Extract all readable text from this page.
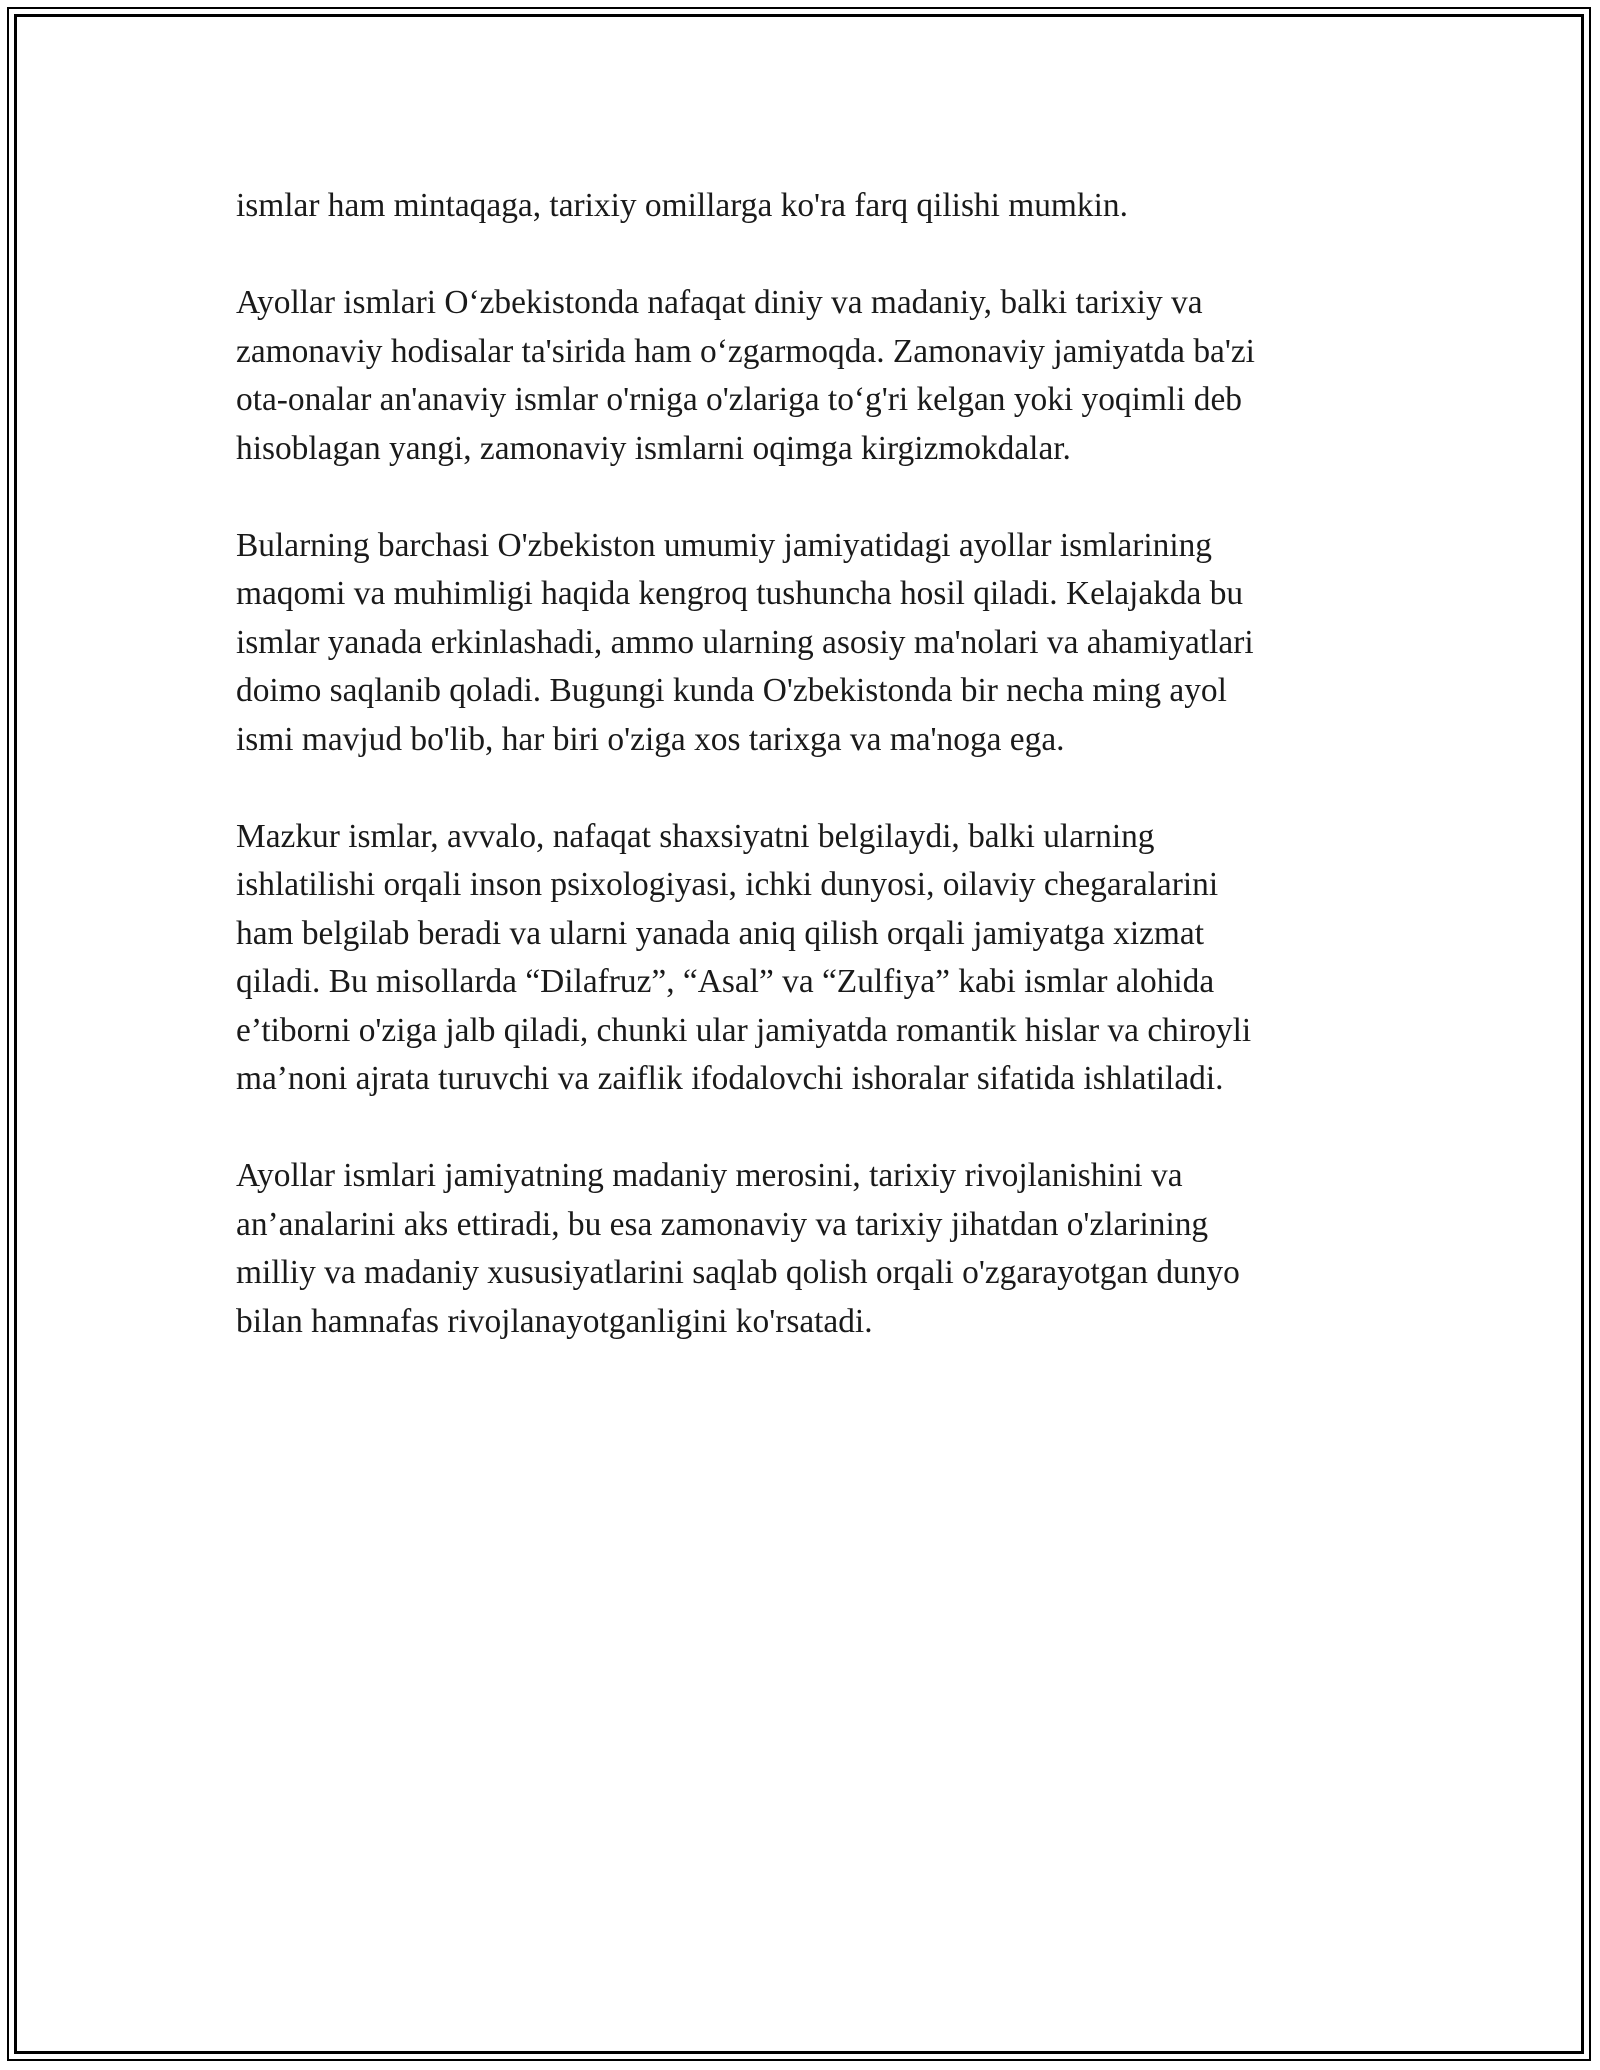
ismlar ham mintaqaga, tarixiy omillarga ko'ra farq qilishi mumkin.

Ayollar ismlari O‘zbekistonda nafaqat diniy va madaniy, balki tarixiy va
zamonaviy hodisalar ta'sirida ham o‘zgarmoqda. Zamonaviy jamiyatda ba'zi
ota-onalar an'anaviy ismlar o'rniga o'zlariga to‘g'ri kelgan yoki yoqimli deb
hisoblagan yangi, zamonaviy ismlarni oqimga kirgizmokdalar.

Bularning barchasi O'zbekiston umumiy jamiyatidagi ayollar ismlarining
maqomi va muhimligi haqida kengroq tushuncha hosil qiladi. Kelajakda bu
ismlar yanada erkinlashadi, ammo ularning asosiy ma'nolari va ahamiyatlari
doimo saqlanib qoladi. Bugungi kunda O'zbekistonda bir necha ming ayol
ismi mavjud bo'lib, har biri o'ziga xos tarixga va ma'noga ega.

Mazkur ismlar, avvalo, nafaqat shaxsiyatni belgilaydi, balki ularning
ishlatilishi orqali inson psixologiyasi, ichki dunyosi, oilaviy chegaralarini
ham belgilab beradi va ularni yanada aniq qilish orqali jamiyatga xizmat
qiladi. Bu misollarda “Dilafruz”, “Asal” va “Zulfiya” kabi ismlar alohida
e’tiborni o'ziga jalb qiladi, chunki ular jamiyatda romantik hislar va chiroyli
ma’noni ajrata turuvchi va zaiflik ifodalovchi ishoralar sifatida ishlatiladi.

Ayollar ismlari jamiyatning madaniy merosini, tarixiy rivojlanishini va
an’analarini aks ettiradi, bu esa zamonaviy va tarixiy jihatdan o'zlarining
milliy va madaniy xususiyatlarini saqlab qolish orqali o'zgarayotgan dunyo
bilan hamnafas rivojlanayotganligini ko'rsatadi.
